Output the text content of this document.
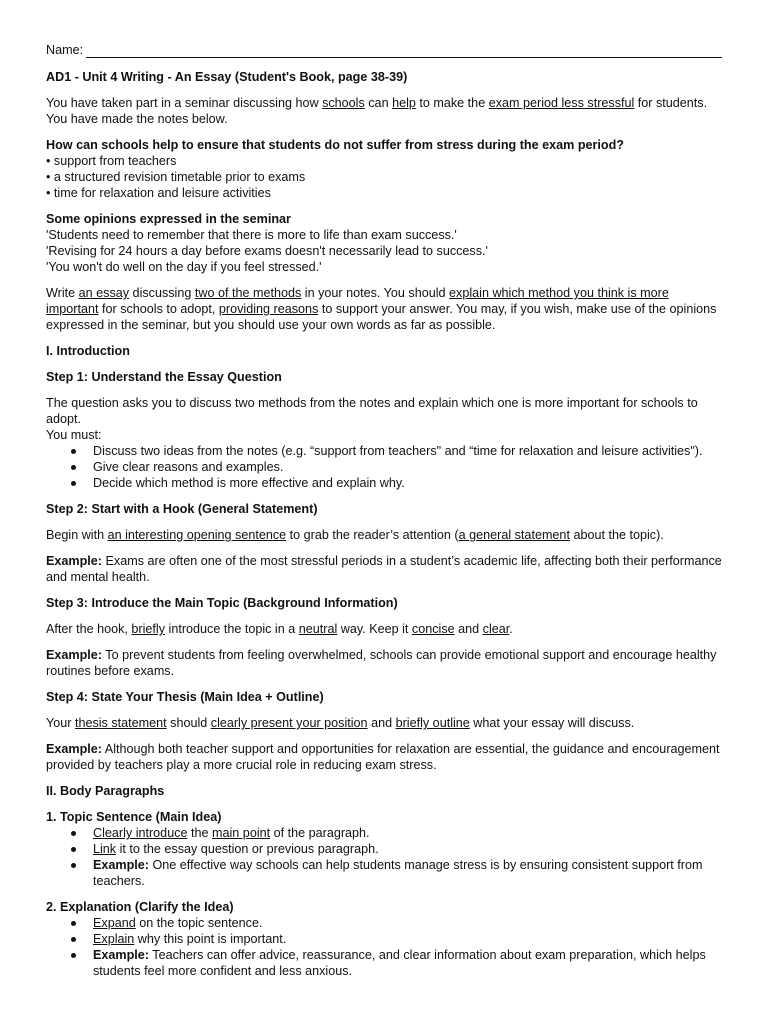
Name:

AD1 - Unit 4 Writing - An Essay (Student's Book, page 38-39)

You have taken part in a seminar discussing how schools can help to make the exam period less stressful for students. You have made the notes below.

How can schools help to ensure that students do not suffer from stress during the exam period?
• support from teachers
• a structured revision timetable prior to exams
• time for relaxation and leisure activities
Some opinions expressed in the seminar
'Students need to remember that there is more to life than exam success.'
'Revising for 24 hours a day before exams doesn't necessarily lead to success.'
'You won't do well on the day if you feel stressed.'

Write an essay discussing two of the methods in your notes. You should explain which method you think is more important for schools to adopt, providing reasons to support your answer. You may, if you wish, make use of the opinions expressed in the seminar, but you should use your own words as far as possible.

I. Introduction

Step 1: Understand the Essay Question

The question asks you to discuss two methods from the notes and explain which one is more important for schools to adopt.

You must:

Discuss two ideas from the notes (e.g. “support from teachers" and “time for relaxation and leisure activities").
Give clear reasons and examples.
Decide which method is more effective and explain why.

Step 2: Start with a Hook (General Statement)

Begin with an interesting opening sentence to grab the reader’s attention (a general statement about the topic).

Example: Exams are often one of the most stressful periods in a student’s academic life, affecting both their performance and mental health.

Step 3: Introduce the Main Topic (Background Information)

After the hook, briefly introduce the topic in a neutral way. Keep it concise and clear.

Example: To prevent students from feeling overwhelmed, schools can provide emotional support and encourage healthy routines before exams.

Step 4: State Your Thesis (Main Idea + Outline)

Your thesis statement should clearly present your position and briefly outline what your essay will discuss.

Example: Although both teacher support and opportunities for relaxation are essential, the guidance and encouragement provided by teachers play a more crucial role in reducing exam stress.

II. Body Paragraphs

1. Topic Sentence (Main Idea)

Clearly introduce the main point of the paragraph.
Link it to the essay question or previous paragraph.
Example: One effective way schools can help students manage stress is by ensuring consistent support from teachers.

2. Explanation (Clarify the Idea)

Expand on the topic sentence.
Explain why this point is important.
Example: Teachers can offer advice, reassurance, and clear information about exam preparation, which helps students feel more confident and less anxious.
